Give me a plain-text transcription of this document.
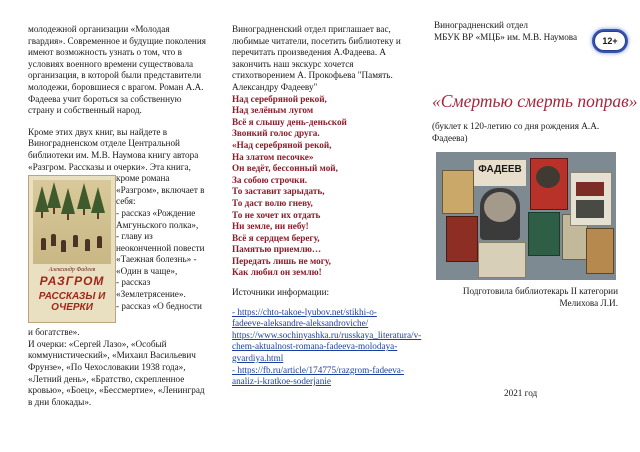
молодежной организации «Молодая гвардия». Современное и будущие поколения имеют возможность узнать о том, что в условиях военного времени существовала организация, в которой были представители молодежи, боровшиеся с врагом. Роман А.А. Фадеева учит бороться за собственную страну и собственный народ.

Кроме этих двух книг, вы найдете в Виноградненском отделе Центральной библиотеки им. М.В. Наумова книгу автора «Разгром. Рассказы и очерки». Эта книга,

Александр Фадеев
РАЗГРОМ
РАССКАЗЫ И ОЧЕРКИ

кроме романа «Разгром», включает в себя:

- рассказ «Рождение Амгуньского полка»,

- главу из неоконченной повести «Таежная болезнь» - «Один в чаще»,

- рассказ «Землетрясение».

- рассказ «О бедности

и богатстве».

И очерки: «Сергей Лазо», «Особый коммунистический», «Михаил Васильевич Фрунзе», «По Чехословакии 1938 года», «Летний день», «Братство, скрепленное кровью», «Боец», «Бессмертие», «Ленинград в дни блокады».

Виноградненский отдел приглашает вас, любимые читатели, посетить библиотеку и перечитать произведения А.Фадеева. А закончить наш экскурс хочется стихотворением А. Прокофьева "Память. Александру Фадееву"

Над серебряной рекой,
Над зелёным лугом
Всё я слышу день-деньской
Звонкий голос друга.
«Над серебряной рекой,
На златом песочке»
Он ведёт, бессонный мой,
За собою строчки.
То заставит зарыдать,
То даст волю гневу,
То не хочет их отдать
Ни земле, ни небу!
Всё я сердцем берегу,
Памятью приемлю…
Передать лишь не могу,
Как любил он землю!

Источники информации:

- https://chto-takoe-lyubov.net/stikhi-o-fadeeve-aleksandre-aleksandroviche/
https://www.sochinyashka.ru/russkaya_literatura/v-chem-aktualnost-romana-fadeeva-molodaya-gvardiya.html
- https://fb.ru/article/174775/razgrom-fadeeva-analiz-i-kratkoe-soderjanie
Виноградненский отдел
МБУК ВР «МЦБ» им. М.В. Наумова	12+
«Смертью смерть поправ»

(буклет к 120-летию со дня рождения А.А. Фадеева)

ФАДЕЕВ
Подготовила библиотекарь II категории
Мелихова Л.И.
2021 год
